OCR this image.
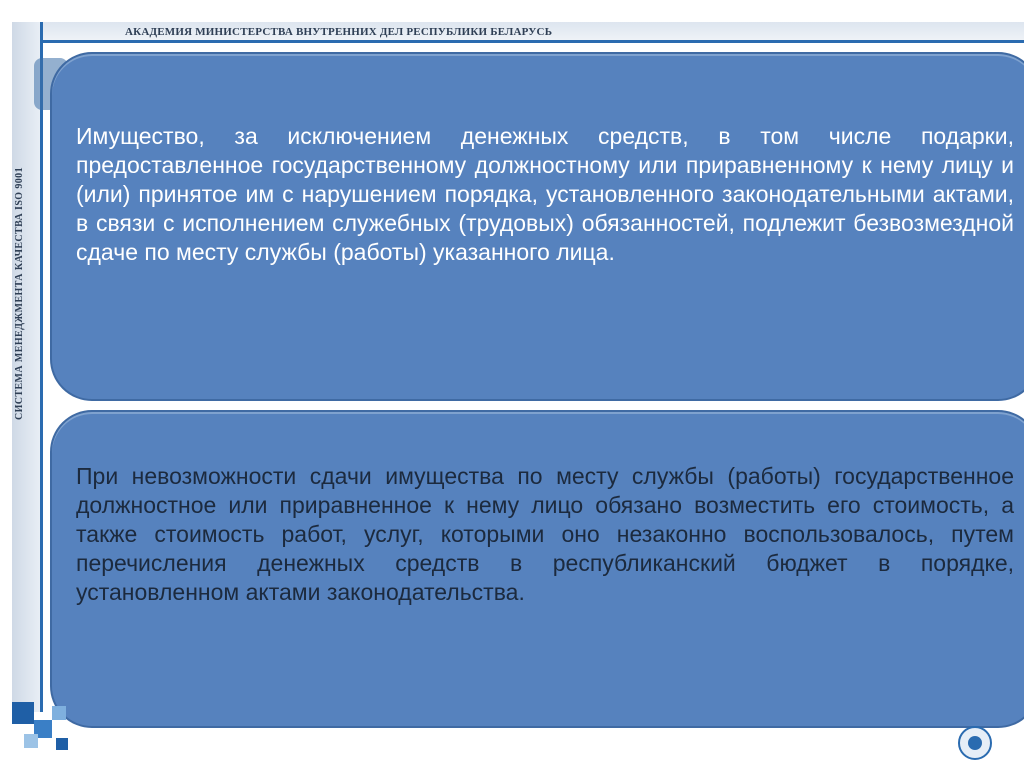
АКАДЕМИЯ МИНИСТЕРСТВА ВНУТРЕННИХ ДЕЛ РЕСПУБЛИКИ БЕЛАРУСЬ
Имущество, за исключением денежных средств, в том числе подарки, предоставленное государственному должностному или приравненному к нему лицу и (или) принятое им с нарушением порядка, установленного законодательными актами, в связи с исполнением служебных (трудовых) обязанностей, подлежит безвозмездной сдаче по месту службы (работы) указанного лица.
При невозможности сдачи имущества по месту службы (работы) государственное должностное или приравненное к нему лицо обязано возместить его стоимость, а также стоимость работ, услуг, которыми оно незаконно воспользовалось, путем перечисления денежных средств в республиканский бюджет в порядке, установленном актами законодательства.
